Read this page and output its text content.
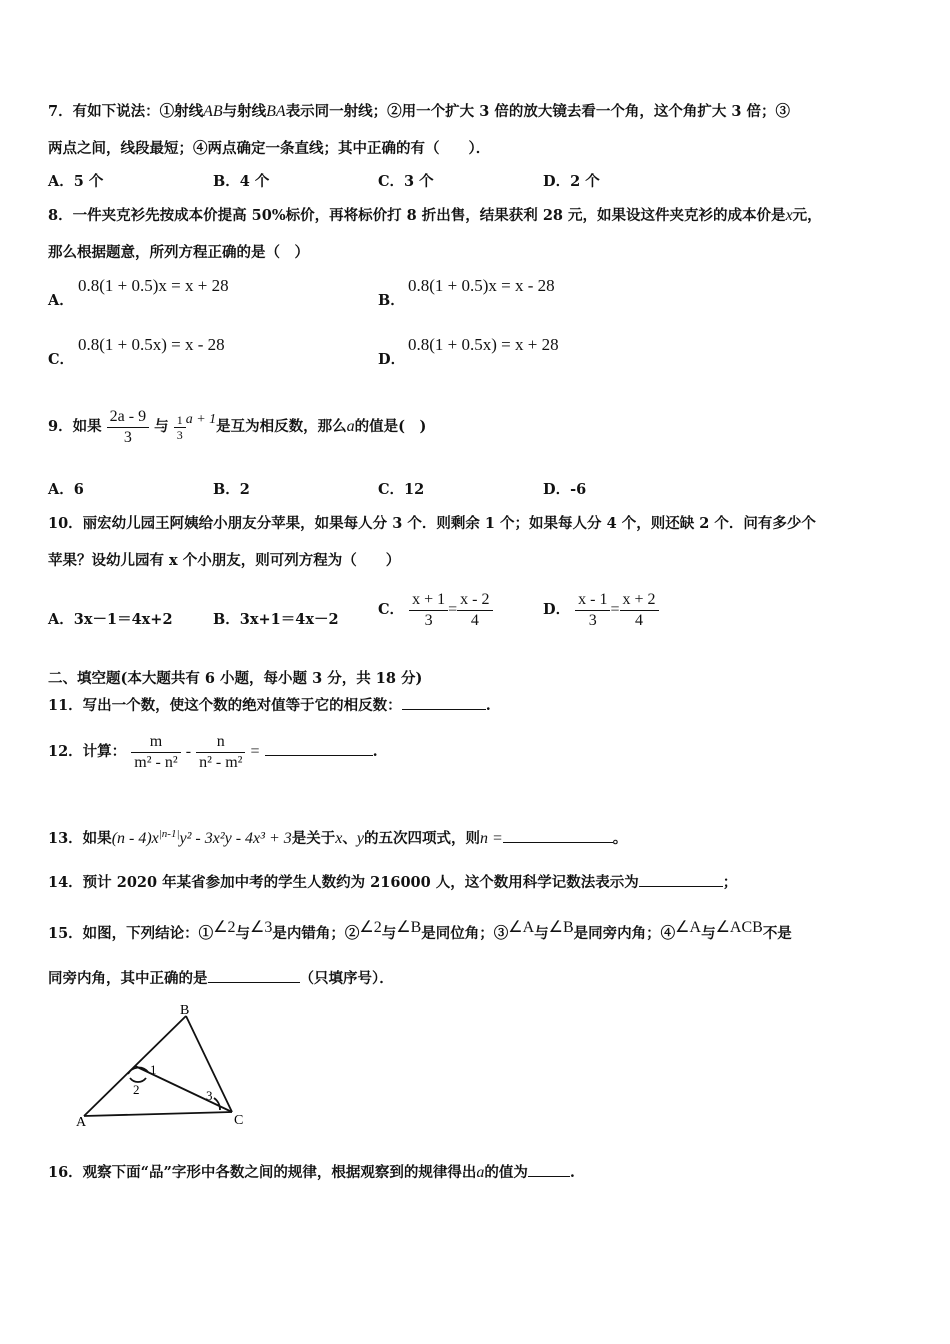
7．有如下说法：①射线AB与射线BA表示同一射线；②用一个扩大 3 倍的放大镜去看一个角，这个角扩大 3 倍；③
两点之间，线段最短；④两点确定一条直线；其中正确的有（　　）．
A．5 个	B．4 个	C．3 个	D．2 个
8．一件夹克衫先按成本价提高 50%标价，再将标价打 8 折出售，结果获利 28 元，如果设这件夹克衫的成本价是x元，
那么根据题意，所列方程正确的是（　）
A．
0.8(1 + 0.5)x = x + 28
B．
0.8(1 + 0.5)x = x - 28
C．
0.8(1 + 0.5x) = x - 28
D．
0.8(1 + 0.5x) = x + 28
9．如果 $\frac{2a - 9}{3}$ 与 $\frac{1}{3}$ a + 1是互为相反数，那么a的值是(　)
A．6	B．2	C．12	D．-6
10．丽宏幼儿园王阿姨给小朋友分苹果，如果每人分 3 个．则剩余 1 个；如果每人分 4 个，则还缺 2 个．问有多少个
苹果？设幼儿园有 x 个小朋友，则可列方程为（　　）
A．3x－1＝4x+2	B．3x+1＝4x－2
C． $\frac{x + 1}{3} = \frac{x - 2}{4}$	D． $\frac{x - 1}{3} = \frac{x + 2}{4}$
二、填空题(本大题共有 6 小题，每小题 3 分，共 18 分)
11．写出一个数，使这个数的绝对值等于它的相反数：	.
12．计算： $\frac{m}{\text{m² - n²}} - \frac{n}{\text{n² - m²}}$ =	.
13．如果$(n - 4)x^{|n-1|}y^2 - 3x^2y - 4x^3 + 3$是关于x、y的五次四项式，则n =	。
14．预计 2020 年某省参加中考的学生人数约为 216000 人，这个数用科学记数法表示为	；
15．如图，下列结论：①∠2与∠3是内错角；②∠2与∠B是同位角；③∠A与∠B是同旁内角；④∠A与∠ACB不是
同旁内角，其中正确的是	（只填序号）．
B
A	C
1
2	3
16．观察下面“品”字形中各数之间的规律，根据观察到的规律得出a的值为	.
